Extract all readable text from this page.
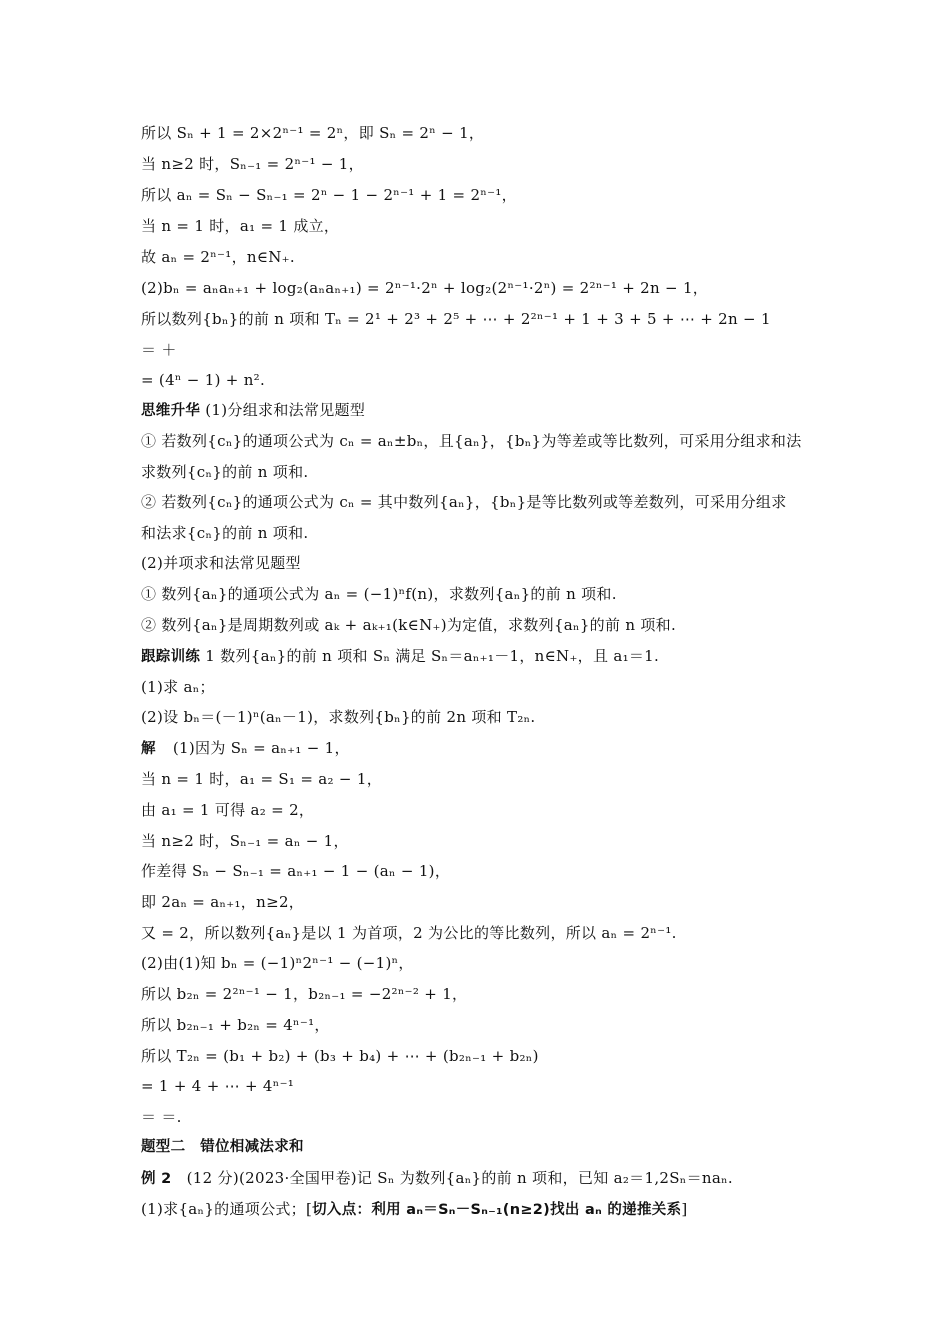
所以 Sₙ + 1 = 2×2ⁿ⁻¹ = 2ⁿ，即 Sₙ = 2ⁿ − 1，
当 n≥2 时，Sₙ₋₁ = 2ⁿ⁻¹ − 1，
所以 aₙ = Sₙ − Sₙ₋₁ = 2ⁿ − 1 − 2ⁿ⁻¹ + 1 = 2ⁿ⁻¹，
当 n = 1 时，a₁ = 1 成立，
故 aₙ = 2ⁿ⁻¹，n∈N₊.
(2)bₙ = aₙaₙ₊₁ + log₂(aₙaₙ₊₁) = 2ⁿ⁻¹·2ⁿ + log₂(2ⁿ⁻¹·2ⁿ) = 2²ⁿ⁻¹ + 2n − 1，
所以数列{bₙ}的前 n 项和 Tₙ = 2¹ + 2³ + 2⁵ + ⋯ + 2²ⁿ⁻¹ + 1 + 3 + 5 + ⋯ + 2n − 1
＝ ＋
= (4ⁿ − 1) + n².
思维升华 (1)分组求和法常见题型
① 若数列{cₙ}的通项公式为 cₙ = aₙ±bₙ，且{aₙ}，{bₙ}为等差或等比数列，可采用分组求和法
求数列{cₙ}的前 n 项和.
② 若数列{cₙ}的通项公式为 cₙ = 其中数列{aₙ}，{bₙ}是等比数列或等差数列，可采用分组求
和法求{cₙ}的前 n 项和.
(2)并项求和法常见题型
① 数列{aₙ}的通项公式为 aₙ = (−1)ⁿf(n)，求数列{aₙ}的前 n 项和.
② 数列{aₙ}是周期数列或 aₖ + aₖ₊₁(k∈N₊)为定值，求数列{aₙ}的前 n 项和.
跟踪训练 1 数列{aₙ}的前 n 项和 Sₙ 满足 Sₙ＝aₙ₊₁－1，n∈N₊，且 a₁＝1.
(1)求 aₙ；
(2)设 bₙ＝(－1)ⁿ(aₙ－1)，求数列{bₙ}的前 2n 项和 T₂ₙ.
解 (1)因为 Sₙ = aₙ₊₁ − 1，
当 n = 1 时，a₁ = S₁ = a₂ − 1，
由 a₁ = 1 可得 a₂ = 2，
当 n≥2 时，Sₙ₋₁ = aₙ − 1，
作差得 Sₙ − Sₙ₋₁ = aₙ₊₁ − 1 − (aₙ − 1)，
即 2aₙ = aₙ₊₁，n≥2，
又 = 2，所以数列{aₙ}是以 1 为首项，2 为公比的等比数列，所以 aₙ = 2ⁿ⁻¹.
(2)由(1)知 bₙ = (−1)ⁿ2ⁿ⁻¹ − (−1)ⁿ，
所以 b₂ₙ = 2²ⁿ⁻¹ − 1，b₂ₙ₋₁ = −2²ⁿ⁻² + 1，
所以 b₂ₙ₋₁ + b₂ₙ = 4ⁿ⁻¹，
所以 T₂ₙ = (b₁ + b₂) + (b₃ + b₄) + ⋯ + (b₂ₙ₋₁ + b₂ₙ)
= 1 + 4 + ⋯ + 4ⁿ⁻¹
＝ ＝.
题型二　错位相减法求和
例 2 (12 分)(2023·全国甲卷)记 Sₙ 为数列{aₙ}的前 n 项和，已知 a₂＝1,2Sₙ＝naₙ.
(1)求{aₙ}的通项公式；[切入点：利用 aₙ＝Sₙ－Sₙ₋₁(n≥2)找出 aₙ 的递推关系]
